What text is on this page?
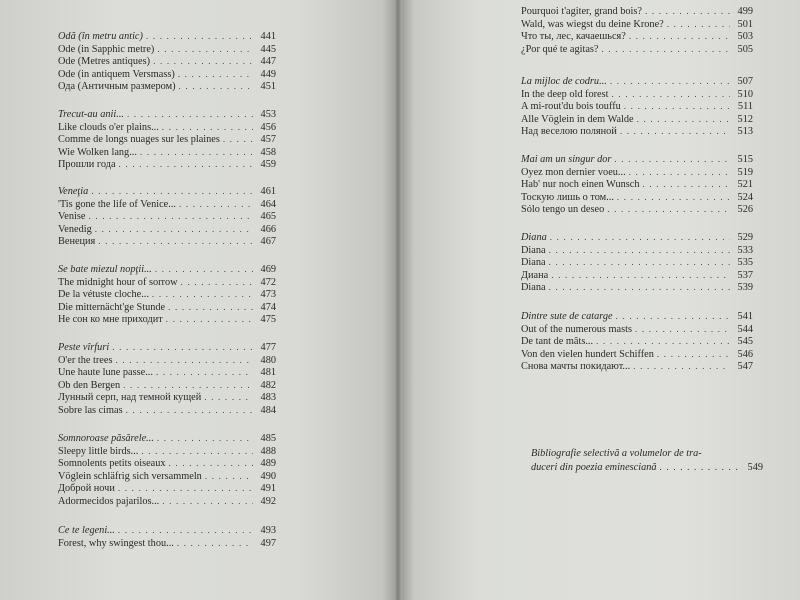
Odă (în metru antic) . . .	441
Ode (in Sapphic metre) . . .	445
Ode (Metres antiques) . . .	447
Ode (in antiquem Versmass) . . .	449
Ода (Античным размером) . . .	451
Trecut-au anii... . . .	453
Like clouds o'er plains... . . .	456
Comme de longs nuages sur les plaines . . .	457
Wie Wolken lang... . . .	458
Прошли года . . .	459
Veneţia . . .	461
'Tis gone the life of Venice... . . .	464
Venise . . .	465
Venedig . . .	466
Венеция . . .	467
Se bate miezul nopţii... . . .	469
The midnight hour of sorrow . . .	472
De la vétuste cloche... . . .	473
Die mitternächt'ge Stunde . . .	474
Не сон ко мне приходит . . .	475
Peste vîrfuri . . .	477
O'er the trees . . .	480
Une haute lune passe... . . .	481
Ob den Bergen . . .	482
Лунный серп, над темной кущей . . .	483
Sobre las cimas . . .	484
Somnoroase păsărele... . . .	485
Sleepy little birds... . . .	488
Somnolents petits oiseaux . . .	489
Vöglein schläfrig sich versammeln . . .	490
Доброй ночи . . .	491
Adormecidos pajarilos... . . .	492
Ce te legeni... . . .	493
Forest, why swingest thou... . . .	497
Pourquoi t'agiter, grand bois? . . .	499
Wald, was wiegst du deine Krone? . . .	501
Что ты, лес, качаешься? . . .	503
¿Por qué te agitas? . . .	505
La mijloc de codru... . . .	507
In the deep old forest . . .	510
A mi-rout'du bois touffu . . .	511
Alle Vöglein in dem Walde . . .	512
Над веселою поляной . . .	513
Mai am un singur dor . . .	515
Oyez mon dernier voeu... . . .	519
Hab' nur noch einen Wunsch . . .	521
Тоскую лишь о том... . . .	524
Sólo tengo un deseo . . .	526
Diana . . .	529
Diana . . .	533
Diana . . .	535
Диана . . .	537
Diana . . .	539
Dintre sute de catarge . . .	541
Out of the numerous masts . . .	544
De tant de mâts... . . .	545
Von den vielen hundert Schiffen . . .	546
Снова мачты покидают... . . .	547
Bibliografie selectivă a volumelor de tra-
duceri din poezia eminesciană . . .	549
